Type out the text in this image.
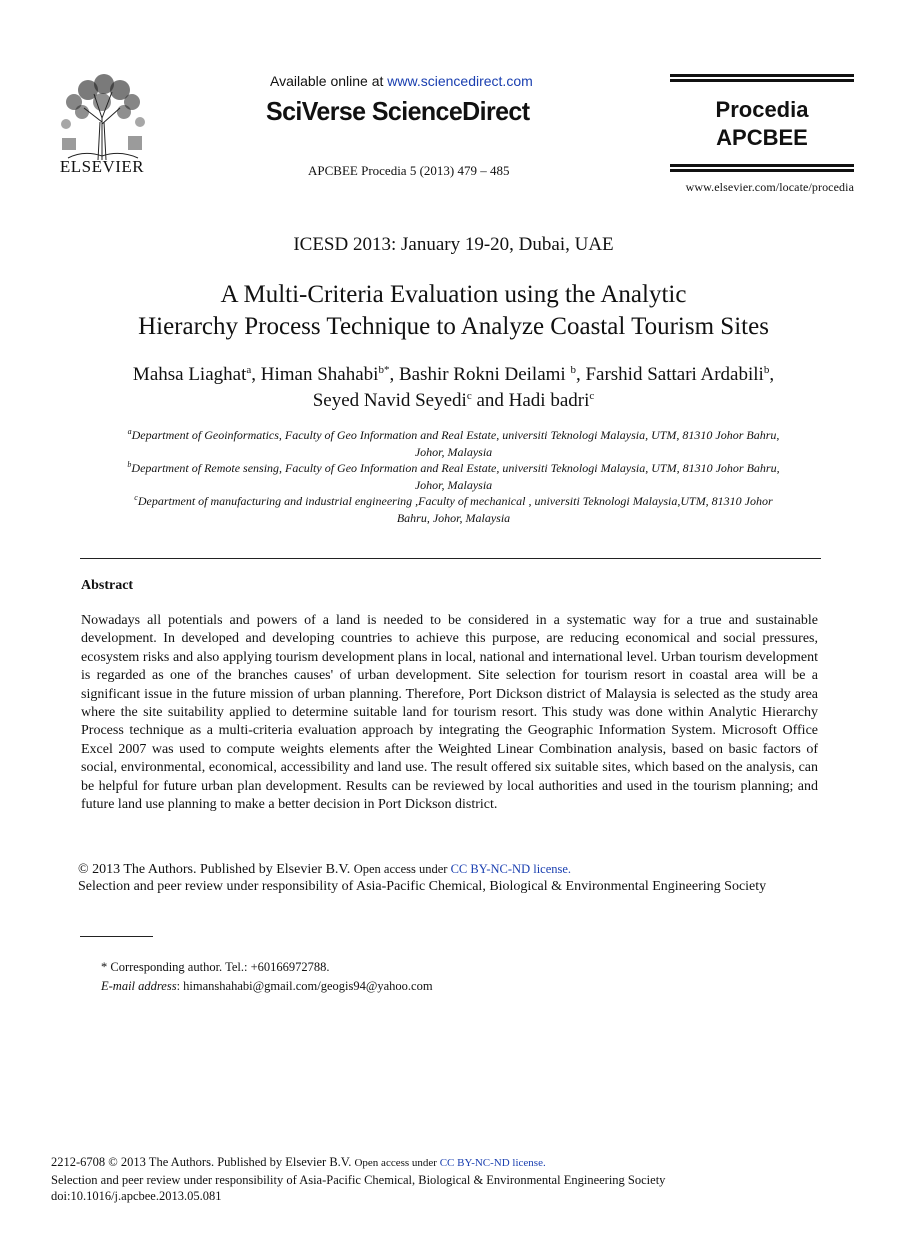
ELSEVIER
Available online at www.sciencedirect.com
SciVerse ScienceDirect
APCBEE Procedia 5 (2013) 479 – 485
Procedia
APCBEE
www.elsevier.com/locate/procedia
ICESD 2013: January 19-20, Dubai, UAE
A Multi-Criteria Evaluation using the Analytic
Hierarchy Process Technique to Analyze Coastal Tourism Sites
Mahsa Liaghat$^a$, Himan Shahabi$^{b*}$, Bashir Rokni Deilami $^b$, Farshid Sattari Ardabili$^b$,
Seyed Navid Seyedi$^c$ and Hadi badri$^c$
$^a$Department of Geoinformatics, Faculty of Geo Information and Real Estate, universiti Teknologi Malaysia, UTM, 81310 Johor Bahru,
Johor, Malaysia
$^b$Department of Remote sensing, Faculty of Geo Information and Real Estate, universiti Teknologi Malaysia, UTM, 81310 Johor Bahru,
Johor, Malaysia
$^c$Department of manufacturing and industrial engineering ,Faculty of mechanical , universiti Teknologi Malaysia,UTM, 81310 Johor
Bahru, Johor, Malaysia
Abstract
Nowadays all potentials and powers of a land is needed to be considered in a systematic way for a true and sustainable development. In developed and developing countries to achieve this purpose, are reducing economical and social pressures, ecosystem risks and also applying tourism development plans in local, national and international level. Urban tourism development is regarded as one of the branches causes' of urban development. Site selection for tourism resort in coastal area will be a significant issue in the future mission of urban planning. Therefore, Port Dickson district of Malaysia is selected as the study area where the site suitability applied to determine suitable land for tourism resort. This study was done within Analytic Hierarchy Process technique as a multi-criteria evaluation approach by integrating the Geographic Information System. Microsoft Office Excel 2007 was used to compute weights elements after the Weighted Linear Combination analysis, based on basic factors of social, environmental, economical, accessibility and land use. The result offered six suitable sites, which based on the analysis, can be helpful for future urban plan development. Results can be reviewed by local authorities and used in the tourism planning; and future land use planning to make a better decision in Port Dickson district.
© 2013 The Authors. Published by Elsevier B.V. Open access under CC BY-NC-ND license.
Selection and peer review under responsibility of Asia-Pacific Chemical, Biological & Environmental Engineering Society
* Corresponding author. Tel.: +60166972788.
E-mail address: himanshahabi@gmail.com/geogis94@yahoo.com
2212-6708 © 2013 The Authors. Published by Elsevier B.V. Open access under CC BY-NC-ND license.
Selection and peer review under responsibility of Asia-Pacific Chemical, Biological & Environmental Engineering Society
doi:10.1016/j.apcbee.2013.05.081
